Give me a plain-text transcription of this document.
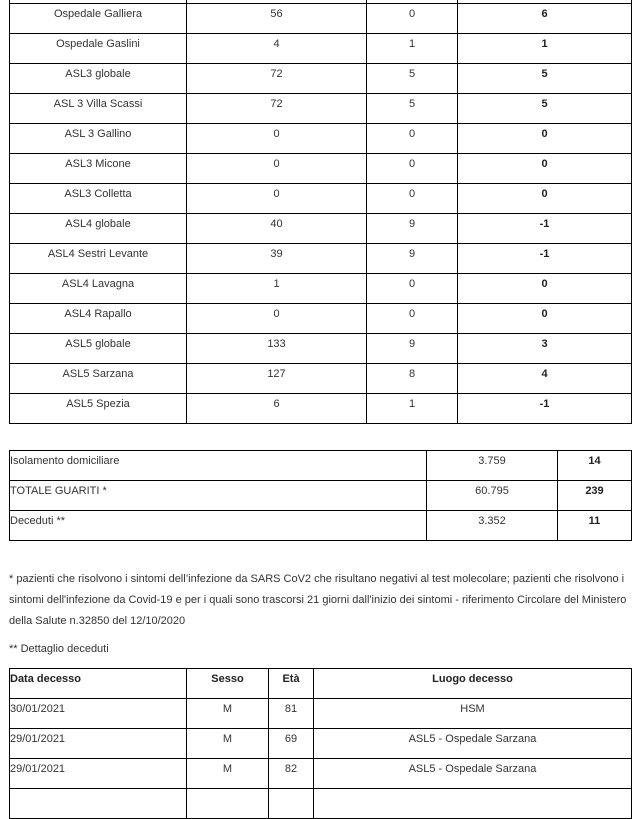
Ospedale Galliera	56	0	6

Ospedale Gaslini	4	1	1

ASL3 globale	72	5	5

ASL 3 Villa Scassi	72	5	5

ASL 3 Gallino	0	0	0

ASL3 Micone	0	0	0

ASL3 Colletta	0	0	0

ASL4 globale	40	9	-1

ASL4 Sestri Levante	39	9	-1

ASL4 Lavagna	1	0	0

ASL4 Rapallo	0	0	0

ASL5 globale	133	9	3

ASL5 Sarzana	127	8	4

ASL5 Spezia	6	1	-1
Isolamento domiciliare	3.759	14

TOTALE GUARITI *	60.795	239

Deceduti **	3.352	11
* pazienti che risolvono i sintomi dell’infezione da SARS CoV2 che risultano negativi al test molecolare; pazienti che risolvono i sintomi dell'infezione da Covid-19 e per i quali sono trascorsi 21 giorni dall'inizio dei sintomi - riferimento Circolare del Ministero della Salute n.32850 del 12/10/2020
** Dettaglio deceduti
Data decesso	Sesso	Età	Luogo decesso

30/01/2021	M	81	HSM

29/01/2021	M	69	ASL5 - Ospedale Sarzana

29/01/2021	M	82	ASL5 - Ospedale Sarzana
